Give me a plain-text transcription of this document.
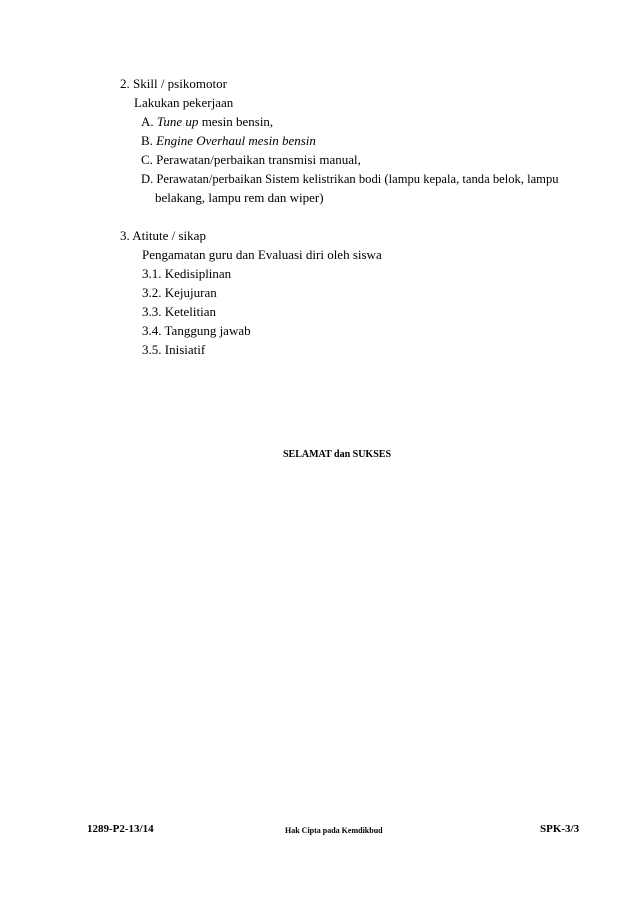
2. Skill / psikomotor
Lakukan pekerjaan
A. Tune up mesin bensin,
B. Engine Overhaul mesin bensin
C. Perawatan/perbaikan transmisi manual,
D. Perawatan/perbaikan Sistem kelistrikan bodi (lampu kepala, tanda belok, lampu
belakang, lampu rem dan wiper)
3. Atitute / sikap
Pengamatan guru dan Evaluasi diri oleh siswa
3.1. Kedisiplinan
3.2. Kejujuran
3.3. Ketelitian
3.4. Tanggung jawab
3.5. Inisiatif
SELAMAT dan SUKSES
1289-P2-13/14	Hak Cipta pada Kemdikbud	SPK-3/3
